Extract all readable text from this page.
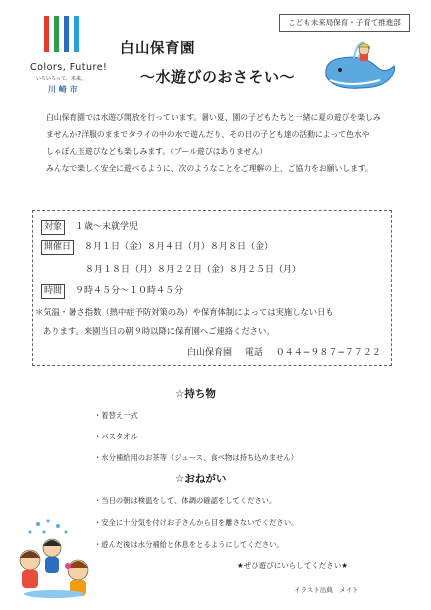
Colors, Future!
いろいろって、未来。
川 崎 市
こども未来局保育・子育て推進部
白山保育園
〜水遊びのおさそい〜

白山保育園では水遊び開放を行っています。暑い夏、園の子どもたちと一緒に夏の遊びを楽しみ

ませんか?洋服のままでタライの中の水で遊んだり、その日の子ども達の活動によって色水や

しゃぼん玉遊びなども楽しみます。（プール遊びはありません）

みんなで楽しく安全に遊べるように、次のようなことをご理解の上、ご協力をお願いします。

対象 １歳〜未就学児
開催日 ８月１日（金）８月４日（月）８月８日（金）
８月１８日（月）８月２２日（金）８月２５日（月）
時間 ９時４５分〜１０時４５分
＊気温・暑さ指数（熱中症予防対策の為）や保育体制によっては実施しない日も
あります。来園当日の朝９時以降に保育園へご連絡ください。
白山保育園 電話 ０４４−９８７−７７２２
☆持ち物
・着替え一式
・バスタオル
・水分補給用のお茶等（ジュース、食べ物は持ち込めません）
☆おねがい
・当日の朝は検温をして、体調の確認をしてください。
・安全に十分気を付けお子さんから目を離さないでください。
・遊んだ後は水分補給と休息をとるようにしてください。
★ぜひ遊びにいらしてください★
イラスト出典　メイト
